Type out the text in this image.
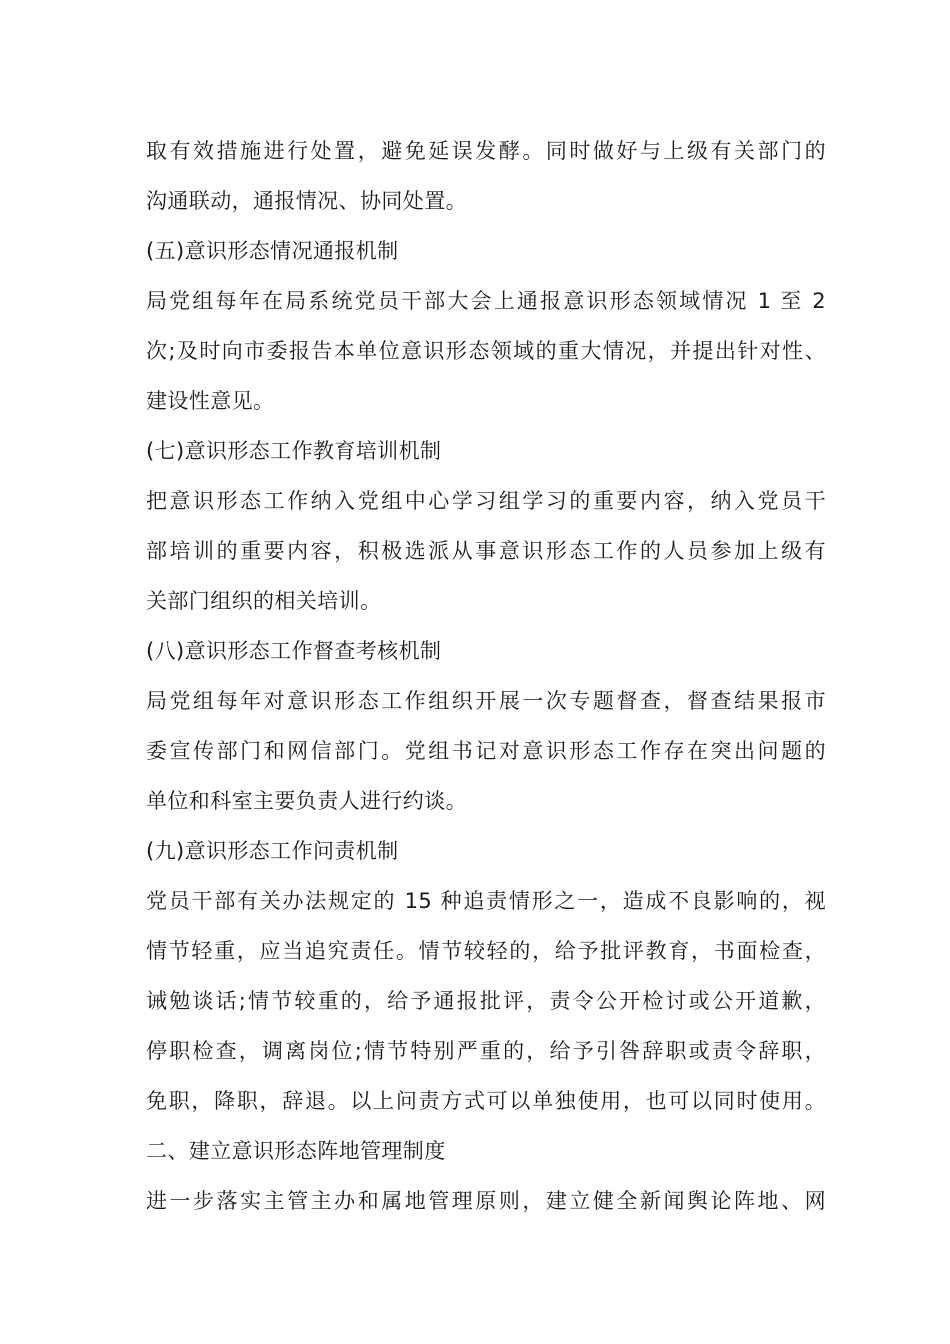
取有效措施进行处置，避免延误发酵。同时做好与上级有关部门的
沟通联动，通报情况、协同处置。
(五)意识形态情况通报机制
局党组每年在局系统党员干部大会上通报意识形态领域情况 1 至 2
次;及时向市委报告本单位意识形态领域的重大情况，并提出针对性、
建设性意见。
(七)意识形态工作教育培训机制
把意识形态工作纳入党组中心学习组学习的重要内容，纳入党员干
部培训的重要内容，积极选派从事意识形态工作的人员参加上级有
关部门组织的相关培训。
(八)意识形态工作督查考核机制
局党组每年对意识形态工作组织开展一次专题督查，督查结果报市
委宣传部门和网信部门。党组书记对意识形态工作存在突出问题的
单位和科室主要负责人进行约谈。
(九)意识形态工作问责机制
党员干部有关办法规定的 15 种追责情形之一，造成不良影响的，视
情节轻重，应当追究责任。情节较轻的，给予批评教育，书面检查，
诫勉谈话;情节较重的，给予通报批评，责令公开检讨或公开道歉，
停职检查，调离岗位;情节特别严重的，给予引咎辞职或责令辞职，
免职，降职，辞退。以上问责方式可以单独使用，也可以同时使用。
二、建立意识形态阵地管理制度
进一步落实主管主办和属地管理原则，建立健全新闻舆论阵地、网
